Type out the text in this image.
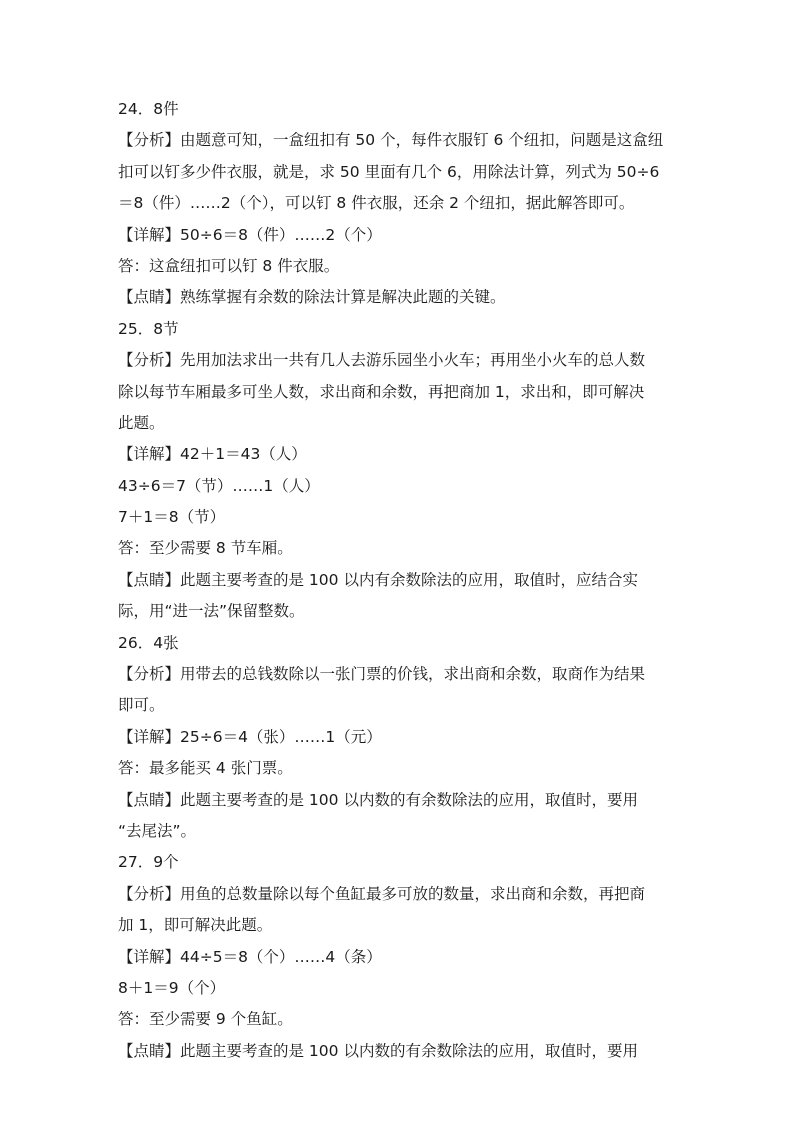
24．8件
【分析】由题意可知，一盒纽扣有 50 个，每件衣服钉 6 个纽扣，问题是这盒纽
扣可以钉多少件衣服，就是，求 50 里面有几个 6，用除法计算，列式为 50÷6
＝8（件）……2（个），可以钉 8 件衣服，还余 2 个纽扣，据此解答即可。
【详解】50÷6＝8（件）……2（个）
答：这盒纽扣可以钉 8 件衣服。
【点睛】熟练掌握有余数的除法计算是解决此题的关键。
25．8节
【分析】先用加法求出一共有几人去游乐园坐小火车；再用坐小火车的总人数
除以每节车厢最多可坐人数，求出商和余数，再把商加 1，求出和，即可解决
此题。
【详解】42＋1＝43（人）
43÷6＝7（节）……1（人）
7＋1＝8（节）
答：至少需要 8 节车厢。
【点睛】此题主要考查的是 100 以内有余数除法的应用，取值时，应结合实
际，用“进一法”保留整数。
26．4张
【分析】用带去的总钱数除以一张门票的价钱，求出商和余数，取商作为结果
即可。
【详解】25÷6＝4（张）……1（元）
答：最多能买 4 张门票。
【点睛】此题主要考查的是 100 以内数的有余数除法的应用，取值时，要用
“去尾法”。
27．9个
【分析】用鱼的总数量除以每个鱼缸最多可放的数量，求出商和余数，再把商
加 1，即可解决此题。
【详解】44÷5＝8（个）……4（条）
8＋1＝9（个）
答：至少需要 9 个鱼缸。
【点睛】此题主要考查的是 100 以内数的有余数除法的应用，取值时，要用
